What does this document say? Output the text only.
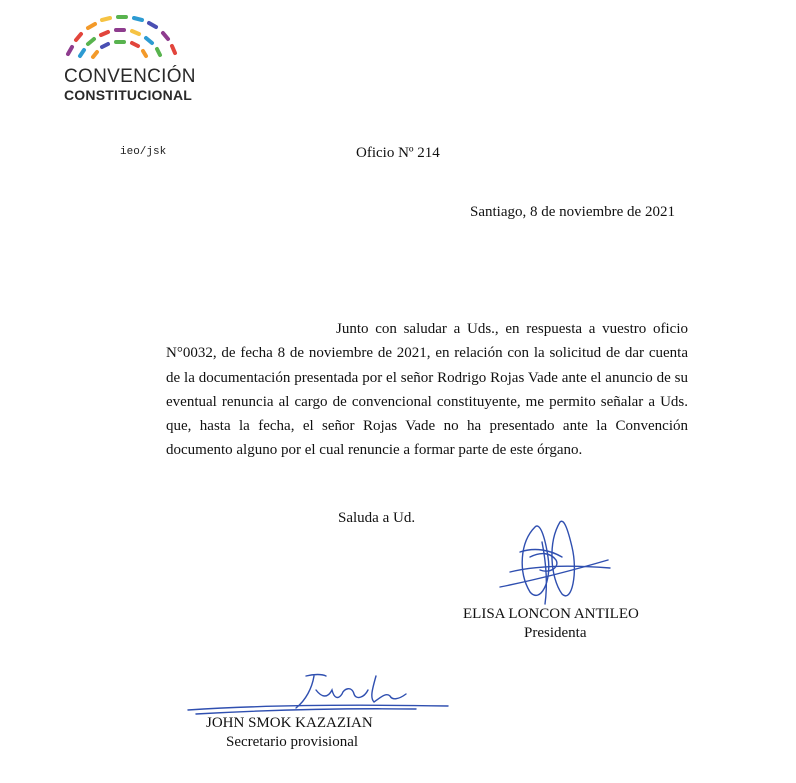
CONVENCIÓN
CONSTITUCIONAL
ieo/jsk	Oficio Nº 214
Santiago, 8 de noviembre de 2021

Junto con saludar a Uds., en respuesta a vuestro oficio N°0032, de fecha 8 de noviembre de 2021, en relación con la solicitud de dar cuenta de la documentación presentada por el señor Rodrigo Rojas Vade ante el anuncio de su eventual renuncia al cargo de convencional constituyente, me permito señalar a Uds. que, hasta la fecha, el señor Rojas Vade no ha presentado ante la Convención documento alguno por el cual renuncie a formar parte de este órgano.

Saluda a Ud.
ELISA LONCON ANTILEO
Presidenta
JOHN SMOK KAZAZIAN
Secretario provisional
